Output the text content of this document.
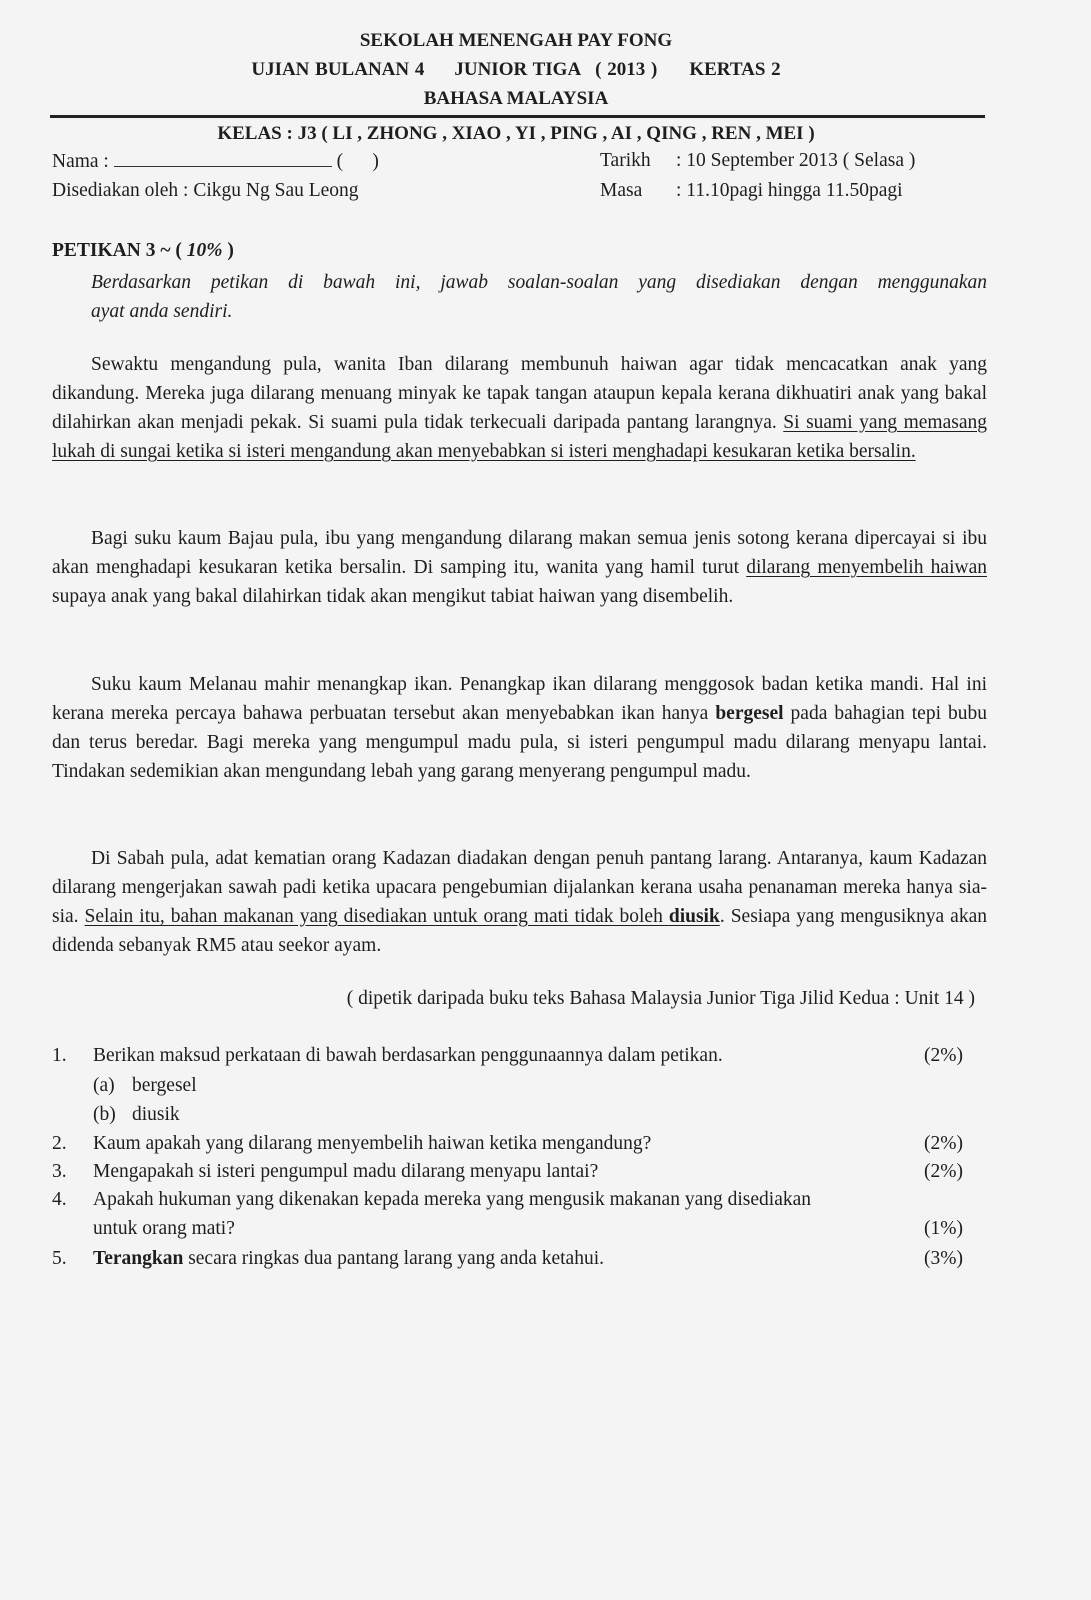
SEKOLAH MENENGAH PAY FONG
UJIAN BULANAN 4 JUNIOR TIGA ( 2013 ) KERTAS 2
BAHASA MALAYSIA
KELAS : J3 ( LI , ZHONG , XIAO , YI , PING , AI , QING , REN , MEI )
Nama :	(      )
Disediakan oleh : Cikgu Ng Sau Leong
Tarikh : 10 September 2013 ( Selasa )
Masa : 11.10pagi hingga 11.50pagi
PETIKAN 3 ~ ( 10% )
Berdasarkan petikan di bawah ini, jawab soalan-soalan yang disediakan dengan menggunakan
ayat anda sendiri.
Sewaktu mengandung pula, wanita Iban dilarang membunuh haiwan agar tidak mencacatkan anak yang dikandung. Mereka juga dilarang menuang minyak ke tapak tangan ataupun kepala kerana dikhuatiri anak yang bakal dilahirkan akan menjadi pekak. Si suami pula tidak terkecuali daripada pantang larangnya. Si suami yang memasang lukah di sungai ketika si isteri mengandung akan menyebabkan si isteri menghadapi kesukaran ketika bersalin.
Bagi suku kaum Bajau pula, ibu yang mengandung dilarang makan semua jenis sotong kerana dipercayai si ibu akan menghadapi kesukaran ketika bersalin. Di samping itu, wanita yang hamil turut dilarang menyembelih haiwan supaya anak yang bakal dilahirkan tidak akan mengikut tabiat haiwan yang disembelih.
Suku kaum Melanau mahir menangkap ikan. Penangkap ikan dilarang menggosok badan ketika mandi. Hal ini kerana mereka percaya bahawa perbuatan tersebut akan menyebabkan ikan hanya bergesel pada bahagian tepi bubu dan terus beredar. Bagi mereka yang mengumpul madu pula, si isteri pengumpul madu dilarang menyapu lantai. Tindakan sedemikian akan mengundang lebah yang garang menyerang pengumpul madu.
Di Sabah pula, adat kematian orang Kadazan diadakan dengan penuh pantang larang. Antaranya, kaum Kadazan dilarang mengerjakan sawah padi ketika upacara pengebumian dijalankan kerana usaha penanaman mereka hanya sia-sia. Selain itu, bahan makanan yang disediakan untuk orang mati tidak boleh diusik. Sesiapa yang mengusiknya akan didenda sebanyak RM5 atau seekor ayam.
( dipetik daripada buku teks Bahasa Malaysia Junior Tiga Jilid Kedua : Unit 14 )
1. Berikan maksud perkataan di bawah berdasarkan penggunaannya dalam petikan.	(2%)
(a) bergesel
(b) diusik
2. Kaum apakah yang dilarang menyembelih haiwan ketika mengandung?	(2%)
3. Mengapakah si isteri pengumpul madu dilarang menyapu lantai?	(2%)
4. Apakah hukuman yang dikenakan kepada mereka yang mengusik makanan yang disediakan
untuk orang mati?	(1%)
5. Terangkan secara ringkas dua pantang larang yang anda ketahui.	(3%)
